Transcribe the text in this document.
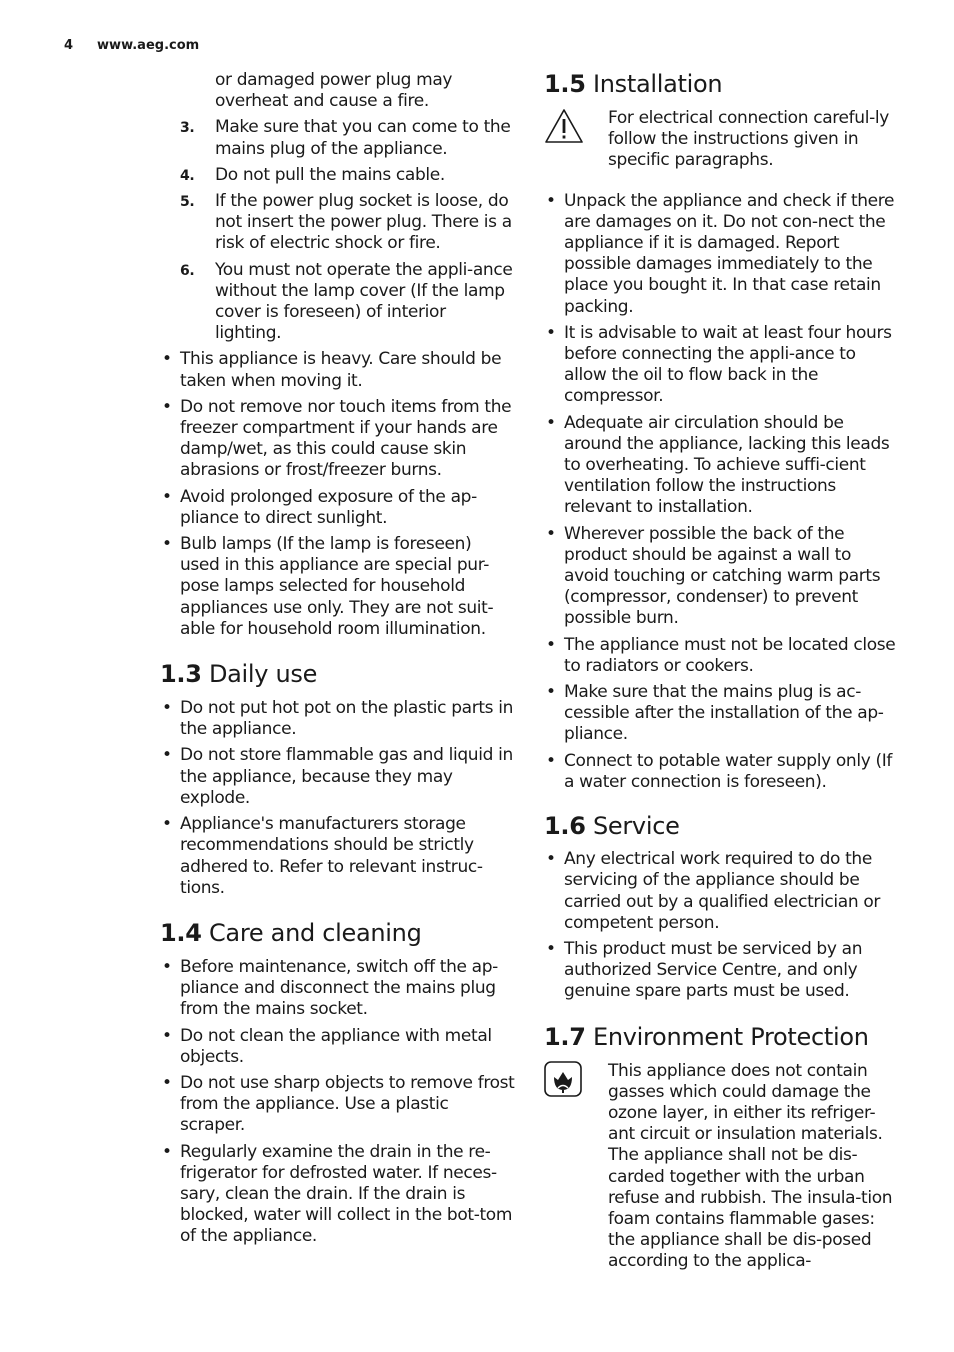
4 www.aeg.com
or damaged power plug may overheat and cause a fire.
3. Make sure that you can come to the mains plug of the appliance.
4. Do not pull the mains cable.
5. If the power plug socket is loose, do not insert the power plug. There is a risk of electric shock or fire.
6. You must not operate the appli-ance without the lamp cover (If the lamp cover is foreseen) of interior lighting.
• This appliance is heavy. Care should be taken when moving it.
• Do not remove nor touch items from the freezer compartment if your hands are damp/wet, as this could cause skin abrasions or frost/freezer burns.
• Avoid prolonged exposure of the ap-pliance to direct sunlight.
• Bulb lamps (If the lamp is foreseen) used in this appliance are special pur-pose lamps selected for household appliances use only. They are not suit-able for household room illumination.
1.3 Daily use
• Do not put hot pot on the plastic parts in the appliance.
• Do not store flammable gas and liquid in the appliance, because they may explode.
• Appliance's manufacturers storage recommendations should be strictly adhered to. Refer to relevant instruc-tions.
1.4 Care and cleaning
• Before maintenance, switch off the ap-pliance and disconnect the mains plug from the mains socket.
• Do not clean the appliance with metal objects.
• Do not use sharp objects to remove frost from the appliance. Use a plastic scraper.
• Regularly examine the drain in the re-frigerator for defrosted water. If neces-sary, clean the drain. If the drain is blocked, water will collect in the bot-tom of the appliance.
1.5 Installation
For electrical connection careful-ly follow the instructions given in specific paragraphs.
• Unpack the appliance and check if there are damages on it. Do not con-nect the appliance if it is damaged. Report possible damages immediately to the place you bought it. In that case retain packing.
• It is advisable to wait at least four hours before connecting the appli-ance to allow the oil to flow back in the compressor.
• Adequate air circulation should be around the appliance, lacking this leads to overheating. To achieve suffi-cient ventilation follow the instructions relevant to installation.
• Wherever possible the back of the product should be against a wall to avoid touching or catching warm parts (compressor, condenser) to prevent possible burn.
• The appliance must not be located close to radiators or cookers.
• Make sure that the mains plug is ac-cessible after the installation of the ap-pliance.
• Connect to potable water supply only (If a water connection is foreseen).
1.6 Service
• Any electrical work required to do the servicing of the appliance should be carried out by a qualified electrician or competent person.
• This product must be serviced by an authorized Service Centre, and only genuine spare parts must be used.
1.7 Environment Protection
This appliance does not contain gasses which could damage the ozone layer, in either its refriger-ant circuit or insulation materials. The appliance shall not be dis-carded together with the urban refuse and rubbish. The insula-tion foam contains flammable gases: the appliance shall be dis-posed according to the applica-
